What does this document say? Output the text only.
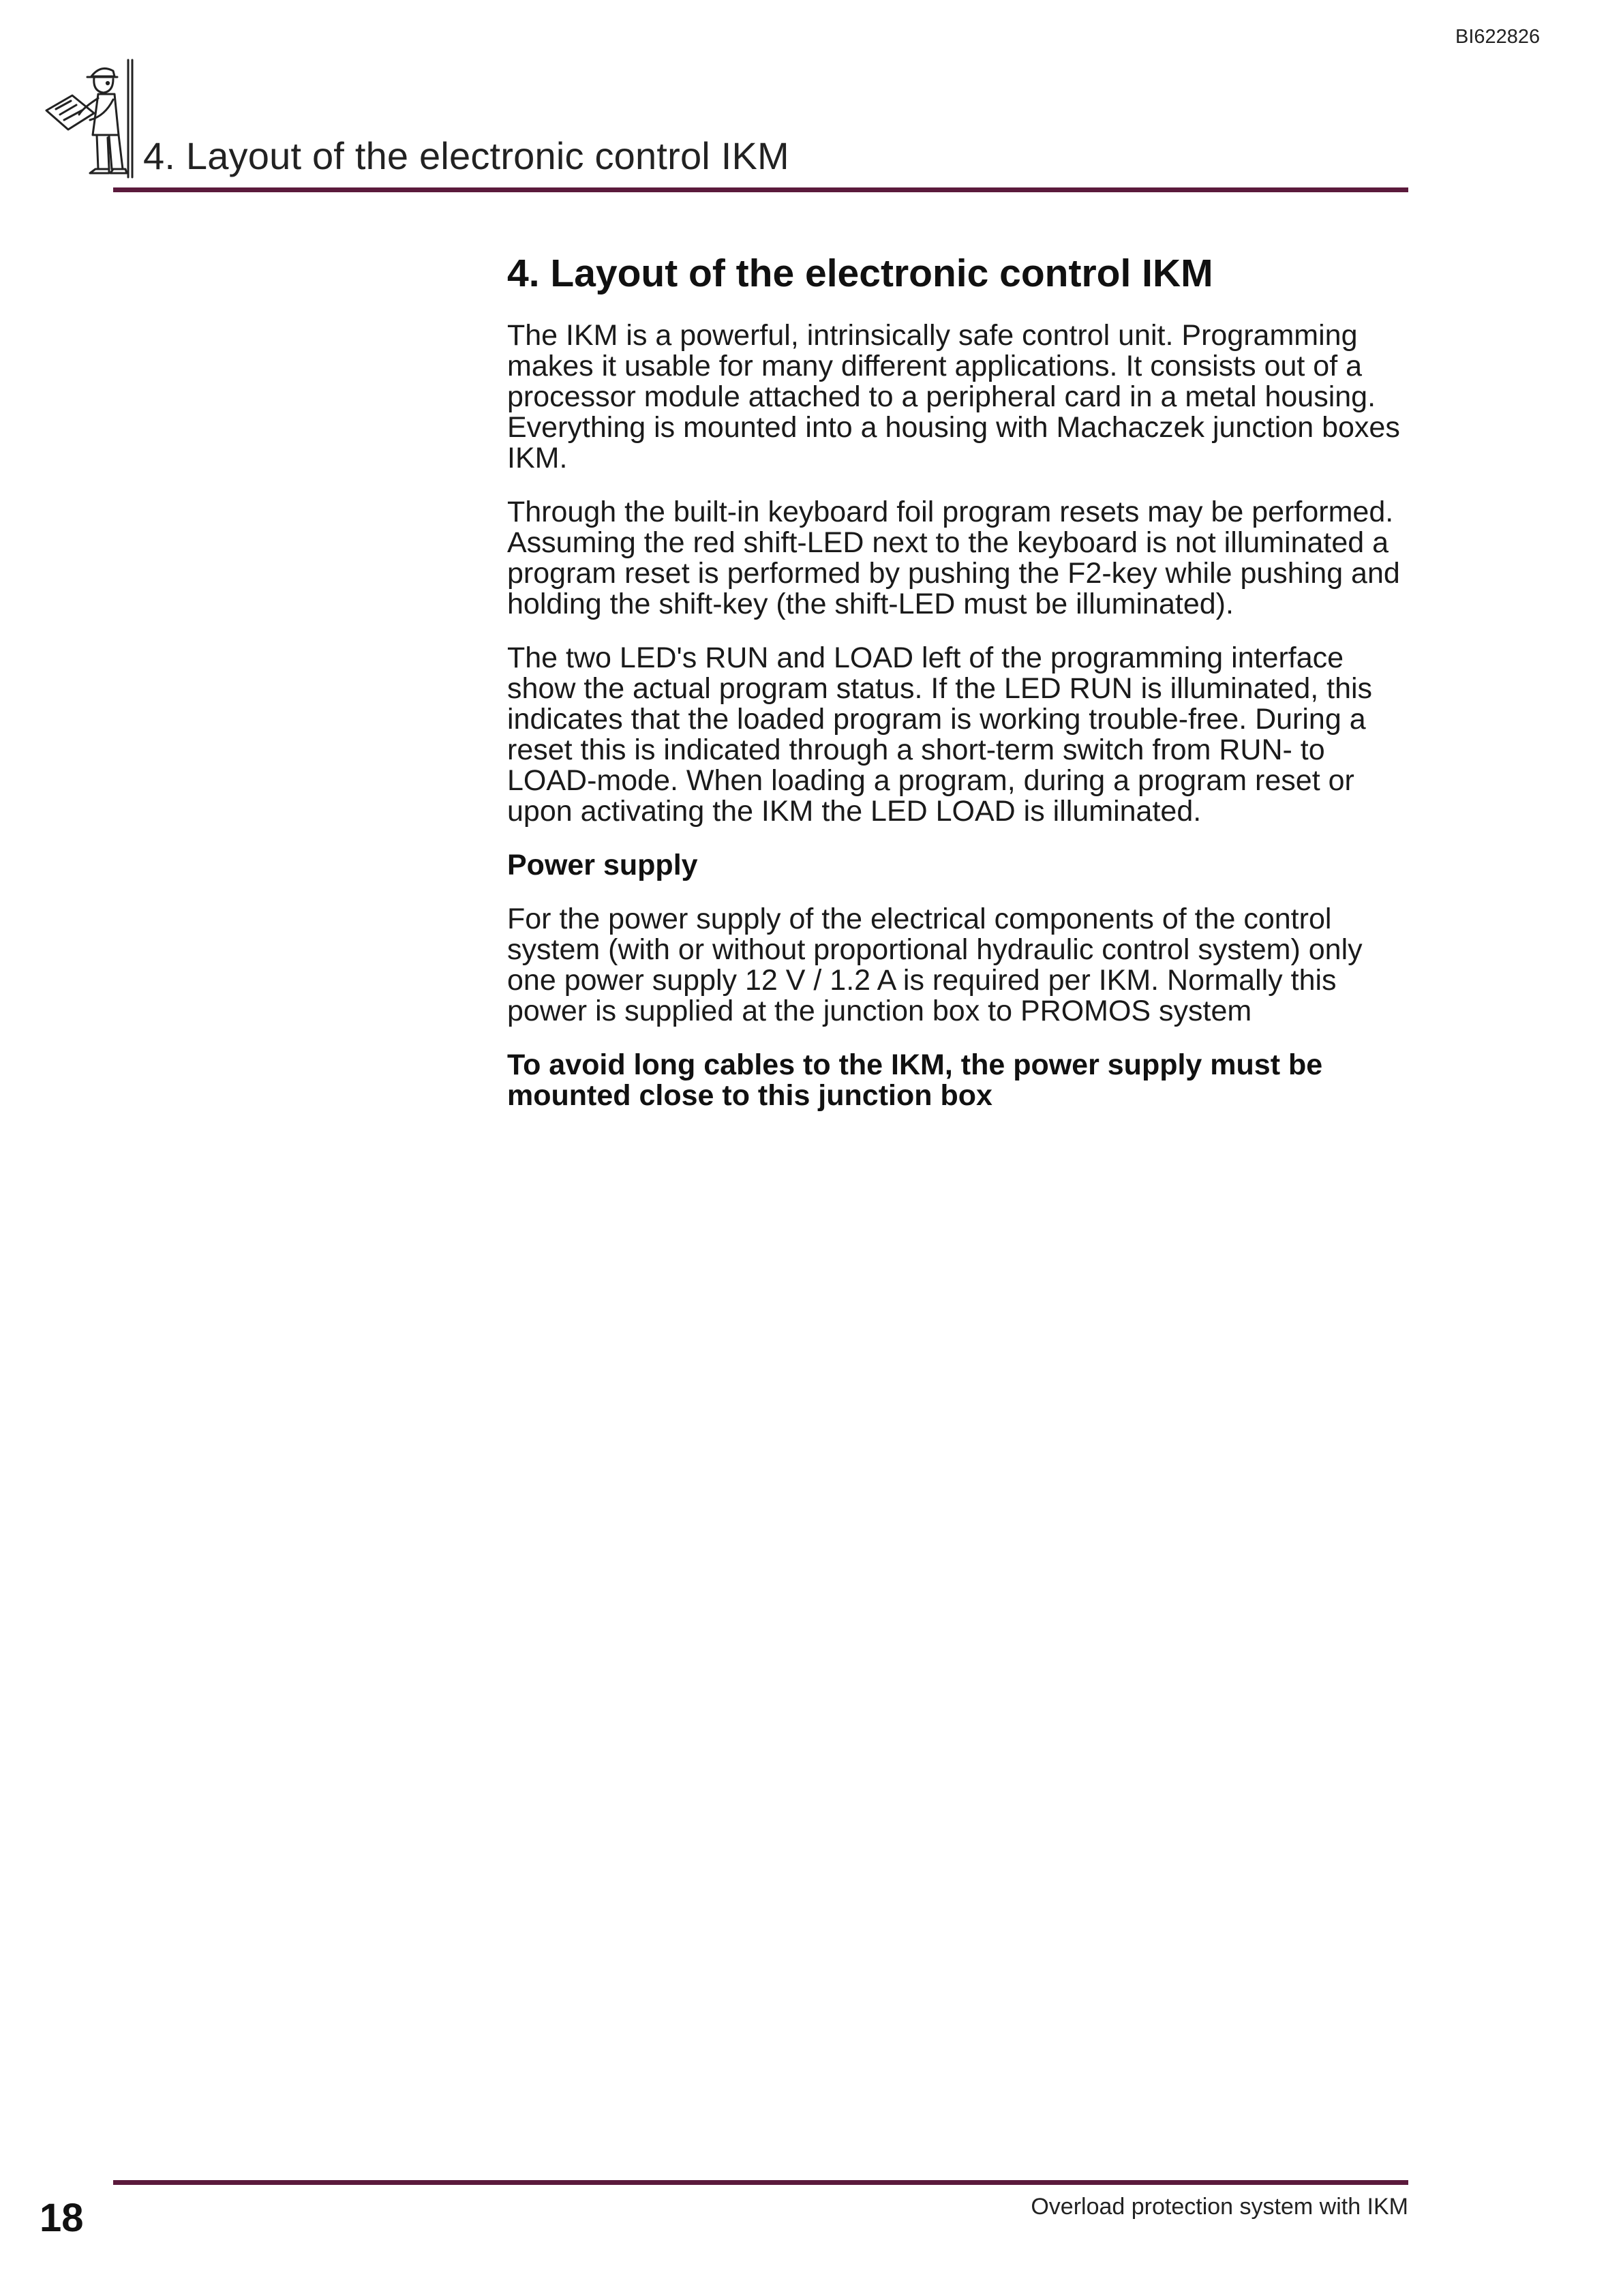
BI622826
4. Layout of the electronic control IKM
4. Layout of the electronic control IKM

The IKM is a powerful, intrinsically safe control unit. Programming makes it usable for many different applications. It consists out of a processor module attached to a peripheral card in a metal housing. Everything is mounted into a housing with Machaczek junction boxes IKM.

Through the built-in keyboard foil program resets may be performed. Assuming the red shift-LED next to the keyboard is not illuminated a program reset is performed by pushing the F2-key while pushing and holding the shift-key (the shift-LED must be illuminated).

The two LED's RUN and LOAD left of the programming interface show the actual program status. If the LED RUN is illuminated, this indicates that the loaded program is working trouble-free. During a reset this is indicated through a short-term switch from RUN- to LOAD-mode. When loading a program, during a program reset or upon activating the IKM the LED LOAD is illuminated.

Power supply

For the power supply of the electrical components of the control system (with or without proportional hydraulic control system) only one power supply 12 V / 1.2 A is required per IKM. Normally this power is supplied at the junction box to PROMOS system

To avoid long cables to the IKM, the power supply must be mounted close to this junction box

18	Overload protection system with IKM
